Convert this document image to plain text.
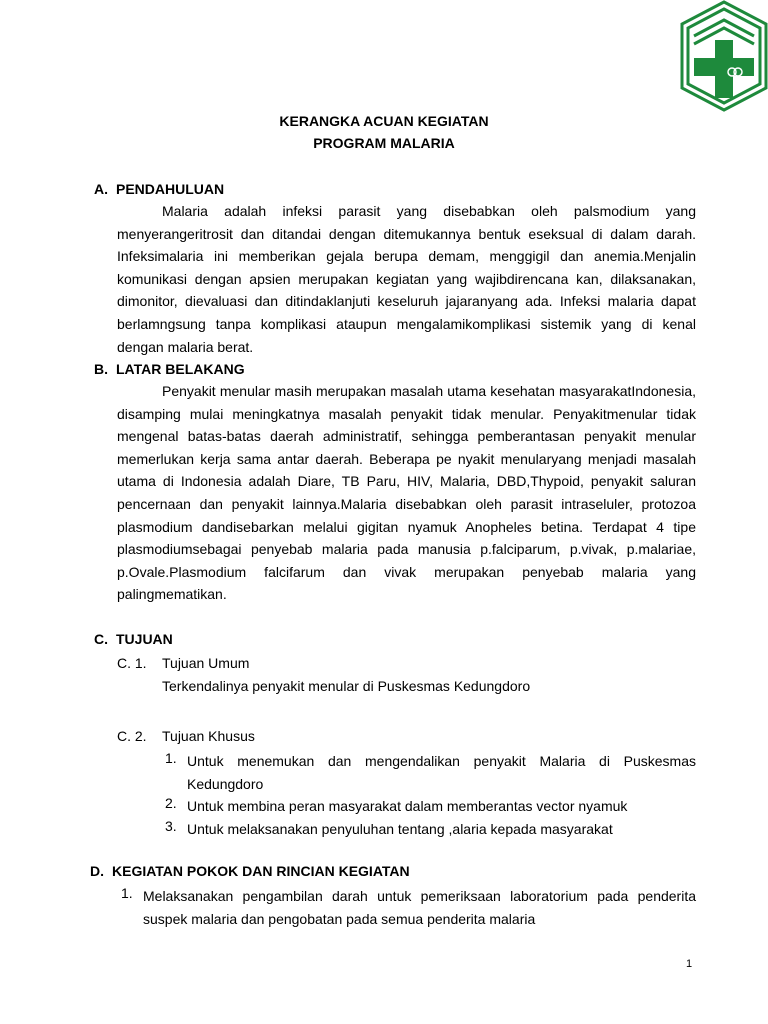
KERANGKA ACUAN KEGIATAN
PROGRAM MALARIA
A. PENDAHULUAN

Malaria adalah infeksi parasit yang disebabkan oleh palsmodium yang menyerangeritrosit dan ditandai dengan ditemukannya bentuk eseksual di dalam darah. Infeksimalaria ini memberikan gejala berupa demam, menggigil dan anemia.Menjalin komunikasi dengan apsien merupakan kegiatan yang wajibdirencana kan, dilaksanakan, dimonitor, dievaluasi dan ditindaklanjuti keseluruh jajaranyang ada. Infeksi malaria dapat berlamngsung tanpa komplikasi ataupun mengalamikomplikasi sistemik yang di kenal dengan malaria berat.

B. LATAR BELAKANG

Penyakit menular masih merupakan masalah utama kesehatan masyarakatIndonesia, disamping mulai meningkatnya masalah penyakit tidak menular. Penyakitmenular tidak mengenal batas-batas daerah administratif, sehingga pemberantasan penyakit menular memerlukan kerja sama antar daerah. Beberapa pe nyakit menularyang menjadi masalah utama di Indonesia adalah Diare, TB Paru, HIV, Malaria, DBD,Thypoid, penyakit saluran pencernaan dan penyakit lainnya.Malaria disebabkan oleh parasit intraseluler, protozoa plasmodium dandisebarkan melalui gigitan nyamuk Anopheles betina. Terdapat 4 tipe plasmodiumsebagai penyebab malaria pada manusia p.falciparum, p.vivak, p.malariae, p.Ovale.Plasmodium falcifarum dan vivak merupakan penyebab malaria yang palingmematikan.

C. TUJUAN
C. 1. Tujuan Umum
Terkendalinya penyakit menular di Puskesmas Kedungdoro
C. 2. Tujuan Khusus
1. Untuk menemukan dan mengendalikan penyakit Malaria di Puskesmas Kedungdoro
2. Untuk membina peran masyarakat dalam memberantas vector nyamuk
3. Untuk melaksanakan penyuluhan tentang ,alaria kepada masyarakat
D. KEGIATAN POKOK DAN RINCIAN KEGIATAN
1. Melaksanakan pengambilan darah untuk pemeriksaan laboratorium pada penderita suspek malaria dan pengobatan pada semua penderita malaria
1
